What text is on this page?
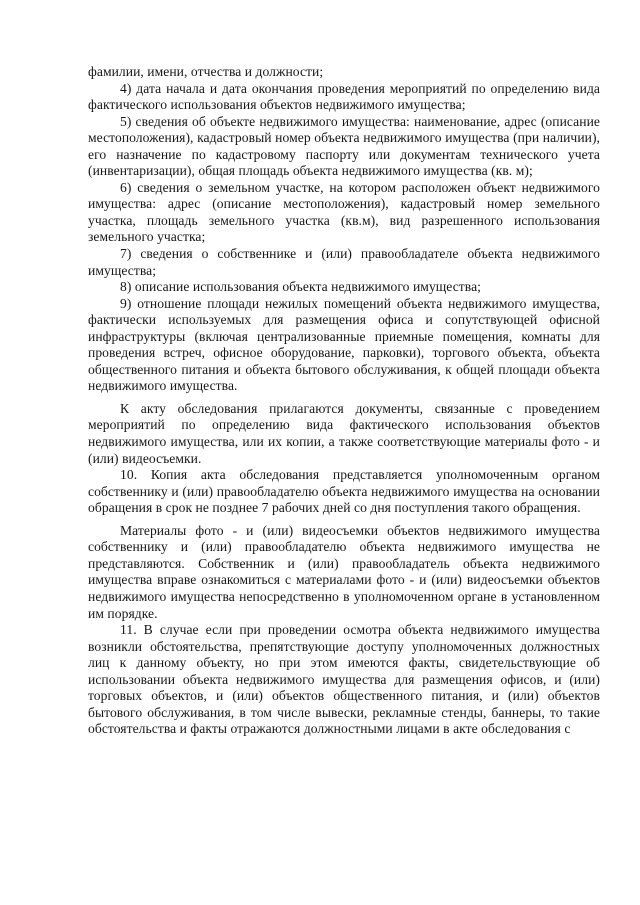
фамилии, имени, отчества и должности;

4) дата начала и дата окончания проведения мероприятий по определению вида фактического использования объектов недвижимого имущества;

5) сведения об объекте недвижимого имущества: наименование, адрес (описание местоположения), кадастровый номер объекта недвижимого имущества (при наличии), его назначение по кадастровому паспорту или документам технического учета (инвентаризации), общая площадь объекта недвижимого имущества (кв. м);

6) сведения о земельном участке, на котором расположен объект недвижимого имущества: адрес (описание местоположения), кадастровый номер земельного участка, площадь земельного участка (кв.м), вид разрешенного использования земельного участка;

7) сведения о собственнике и (или) правообладателе объекта недвижимого имущества;

8) описание использования объекта недвижимого имущества;

9) отношение площади нежилых помещений объекта недвижимого имущества, фактически используемых для размещения офиса и сопутствующей офисной инфраструктуры (включая централизованные приемные помещения, комнаты для проведения встреч, офисное оборудование, парковки), торгового объекта, объекта общественного питания и объекта бытового обслуживания, к общей площади объекта недвижимого имущества.

К акту обследования прилагаются документы, связанные с проведением мероприятий по определению вида фактического использования объектов недвижимого имущества, или их копии, а также соответствующие материалы фото - и (или) видеосъемки.

10. Копия акта обследования представляется уполномоченным органом собственнику и (или) правообладателю объекта недвижимого имущества на основании обращения в срок не позднее 7 рабочих дней со дня поступления такого обращения.

Материалы фото - и (или) видеосъемки объектов недвижимого имущества собственнику и (или) правообладателю объекта недвижимого имущества не представляются. Собственник и (или) правообладатель объекта недвижимого имущества вправе ознакомиться с материалами фото - и (или) видеосъемки объектов недвижимого имущества непосредственно в уполномоченном органе в установленном им порядке.

11. В случае если при проведении осмотра объекта недвижимого имущества возникли обстоятельства, препятствующие доступу уполномоченных должностных лиц к данному объекту, но при этом имеются факты, свидетельствующие об использовании объекта недвижимого имущества для размещения офисов, и (или) торговых объектов, и (или) объектов общественного питания, и (или) объектов бытового обслуживания, в том числе вывески, рекламные стенды, баннеры, то такие обстоятельства и факты отражаются должностными лицами в акте обследования с
